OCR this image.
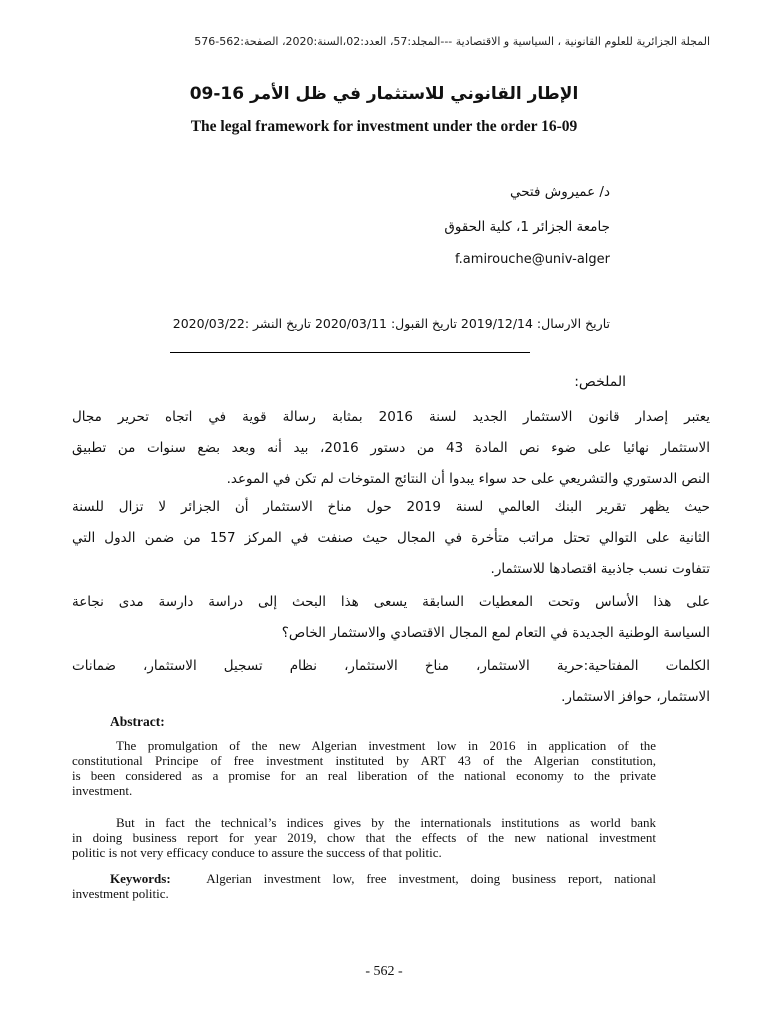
المجلة الجزائرية للعلوم القانونية ، السياسية و الاقتصادية ---المجلد:57، العدد:02،السنة:2020، الصفحة:562-576
الإطار القانوني للاستثمار في ظل الأمر 16-09
The legal framework for investment under the order 16-09
د/ عميروش فتحي
جامعة الجزائر 1، كلية الحقوق
f.amirouche@univ-alger
تاريخ الارسال: 2019/12/14 تاريخ القبول: 2020/03/11 تاريخ النشر :2020/03/22
الملخص:
يعتبر إصدار قانون الاستثمار الجديد لسنة 2016 بمثابة رسالة قوية في اتجاه تحرير مجال
الاستثمار نهائيا على ضوء نص المادة 43 من دستور 2016، بيد أنه وبعد بضع سنوات من تطبيق
النص الدستوري والتشريعي على حد سواء يبدوا أن النتائج المتوخات لم تكن في الموعد.
حيث يظهر تقرير البنك العالمي لسنة 2019 حول مناخ الاستثمار أن الجزائر لا تزال للسنة
الثانية على التوالي تحتل مراتب متأخرة في المجال حيث صنفت في المركز 157 من ضمن الدول التي
تتفاوت نسب جاذبية اقتصادها للاستثمار.
على هذا الأساس وتحت المعطيات السابقة يسعى هذا البحث إلى دراسة دارسة مدى نجاعة
السياسة الوطنية الجديدة في التعام لمع المجال الاقتصادي والاستثمار الخاص؟
الكلمات المفتاحية:حرية الاستثمار، مناخ الاستثمار، نظام تسجيل الاستثمار، ضمانات
الاستثمار، حوافز الاستثمار.
Abstract:
The promulgation of the new Algerian investment low in 2016 in application of the
constitutional Principe of free investment instituted by ART 43 of the Algerian constitution,
is been considered as a promise for an real liberation of the national economy to the private
investment.
But in fact the technical’s indices gives by the internationals institutions as world bank
in doing business report for year 2019, chow that the effects of the new national investment
politic is not very efficacy conduce to assure the success of that politic.
Keywords:	Algerian investment low, free investment, doing business report, national
investment politic.
- 562 -
